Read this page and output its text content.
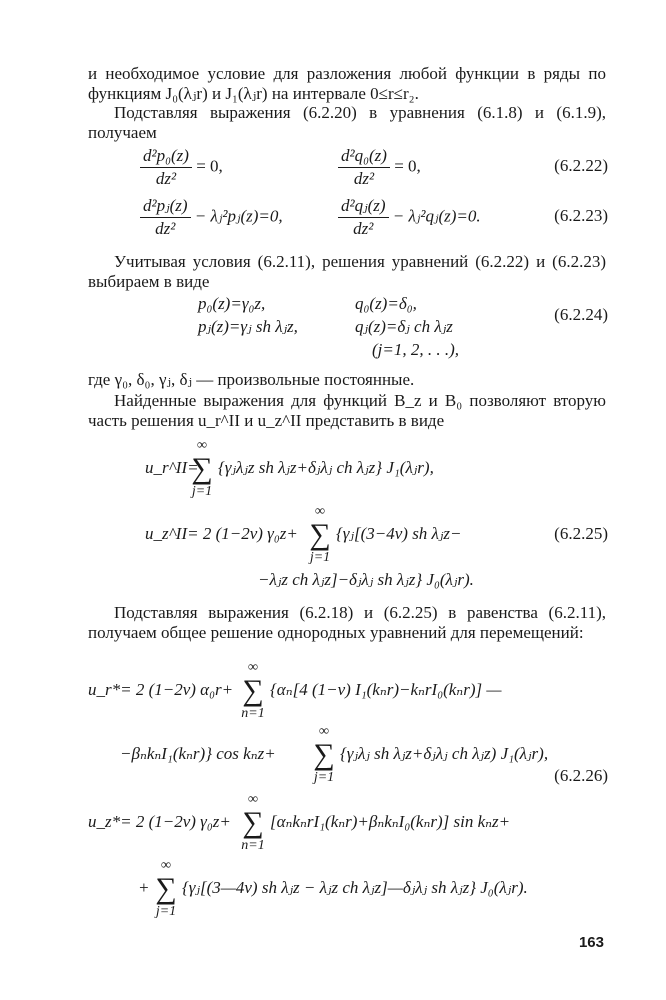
и необходимое условие для разложения любой функции в ряды по функциям J₀(λⱼr) и J₁(λⱼr) на интервале 0≤r≤r₂.

Подставляя выражения (6.2.20) в уравнения (6.1.8) и (6.1.9), получаем

$\frac{\text{d²p₀(z)}}{\text{dz²}} = 0$,	$\frac{\text{d²q₀(z)}}{\text{dz²}} = 0$,	(6.2.22)
$\frac{\text{d²pⱼ(z)}}{\text{dz²}}$ − λⱼ²pⱼ(z)=0,	$\frac{\text{d²qⱼ(z)}}{\text{dz²}}$ − λⱼ²qⱼ(z)=0.	(6.2.23)

Учитывая условия (6.2.11), решения уравнений (6.2.22) и (6.2.23) выбираем в виде

p₀(z)=γ₀z,	q₀(z)=δ₀,
pⱼ(z)=γⱼ sh λⱼz,	qⱼ(z)=δⱼ ch λⱼz
(j=1, 2, . . .),
(6.2.24)

где γ₀, δ₀, γⱼ, δⱼ — произвольные постоянные.

Найденные выражения для функций B_z и B₀ позволяют вторую часть решения u_r^II и u_z^II представить в виде

u_r^II=
∞
∑
j=1
{γⱼλⱼz sh λⱼz+δⱼλⱼ ch λⱼz} J₁(λⱼr),
u_z^II= 2 (1−2ν) γ₀z+
∞
∑
j=1
{γⱼ[(3−4ν) sh λⱼz−	(6.2.25)
−λⱼz ch λⱼz]−δⱼλⱼ sh λⱼz} J₀(λⱼr).

Подставляя выражения (6.2.18) и (6.2.25) в равенства (6.2.11), получаем общее решение однородных уравнений для перемещений:

u_r*= 2 (1−2ν) α₀r+
∞
∑
n=1
{αₙ[4 (1−ν) I₁(kₙr)−kₙrI₀(kₙr)] —
−βₙkₙI₁(kₙr)} cos kₙz+
∞
∑
j=1
{γⱼλⱼ sh λⱼz+δⱼλⱼ ch λⱼz) J₁(λⱼr),
(6.2.26)
u_z*= 2 (1−2ν) γ₀z+
∞
∑
n=1
[αₙkₙrI₁(kₙr)+βₙkₙI₀(kₙr)] sin kₙz+
+
∞
∑
j=1
{γⱼ[(3—4ν) sh λⱼz − λⱼz ch λⱼz]—δⱼλⱼ sh λⱼz} J₀(λⱼr).
163
